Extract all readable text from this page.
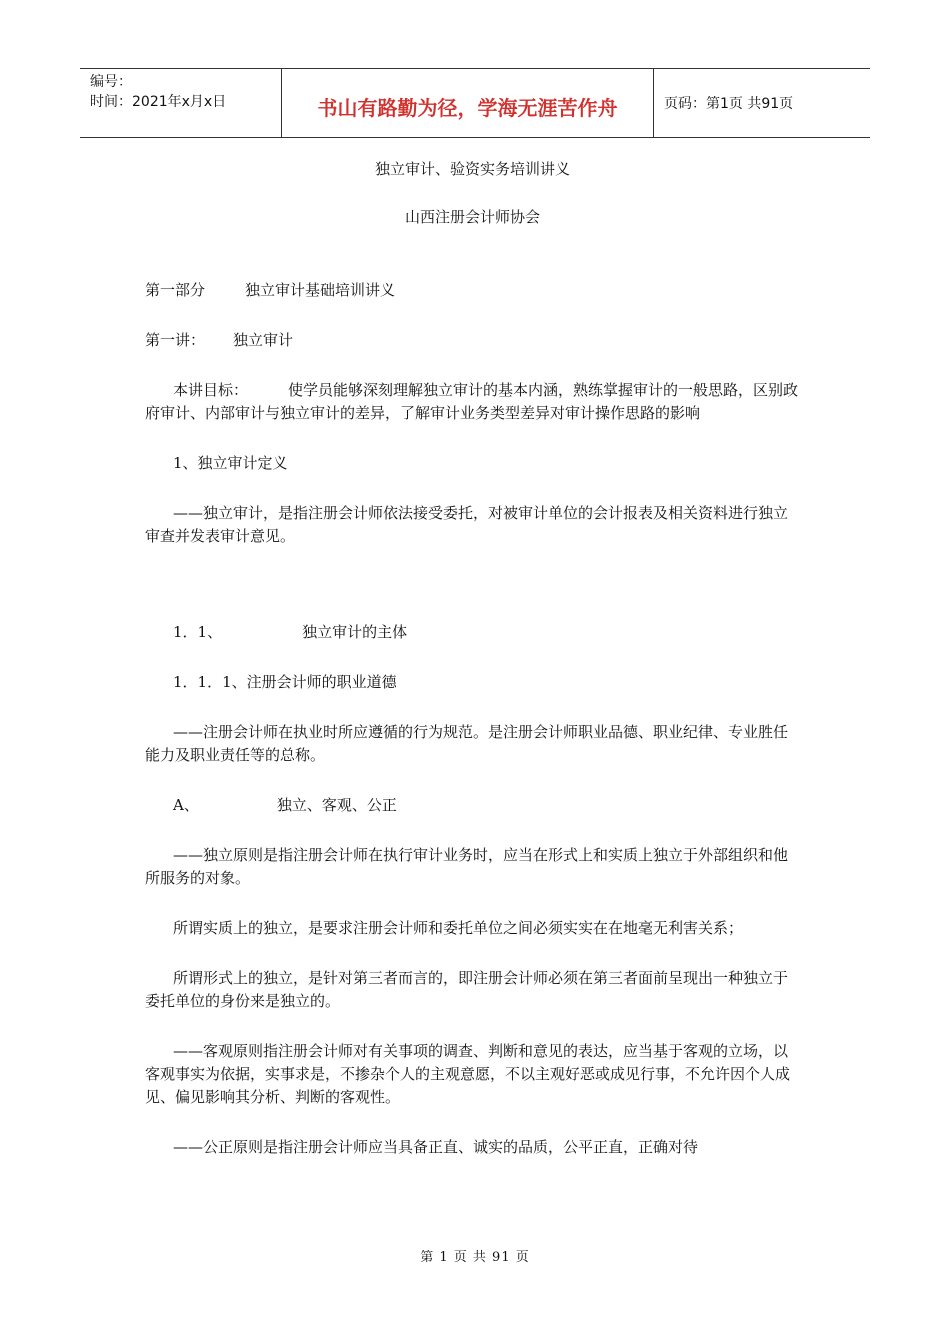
编号：
时间：2021年x月x日	书山有路勤为径，学海无涯苦作舟	页码：第1页 共91页

独立审计、验资实务培训讲义

山西注册会计师协会

第一部分	独立审计基础培训讲义

第一讲： 独立审计

本讲目标：	使学员能够深刻理解独立审计的基本内涵，熟练掌握审计的一般思路，区别政府审计、内部审计与独立审计的差异，了解审计业务类型差异对审计操作思路的影响

1、独立审计定义

——独立审计，是指注册会计师依法接受委托，对被审计单位的会计报表及相关资料进行独立审查并发表审计意见。

1．1、	独立审计的主体

1．1．1、注册会计师的职业道德

——注册会计师在执业时所应遵循的行为规范。是注册会计师职业品德、职业纪律、专业胜任能力及职业责任等的总称。

A、	独立、客观、公正

——独立原则是指注册会计师在执行审计业务时，应当在形式上和实质上独立于外部组织和他所服务的对象。

所谓实质上的独立，是要求注册会计师和委托单位之间必须实实在在地毫无利害关系；

所谓形式上的独立，是针对第三者而言的，即注册会计师必须在第三者面前呈现出一种独立于委托单位的身份来是独立的。

——客观原则指注册会计师对有关事项的调查、判断和意见的表达，应当基于客观的立场，以客观事实为依据，实事求是，不掺杂个人的主观意愿，不以主观好恶或成见行事，不允许因个人成见、偏见影响其分析、判断的客观性。

——公正原则是指注册会计师应当具备正直、诚实的品质，公平正直，正确对待

第 1 页 共 91 页
